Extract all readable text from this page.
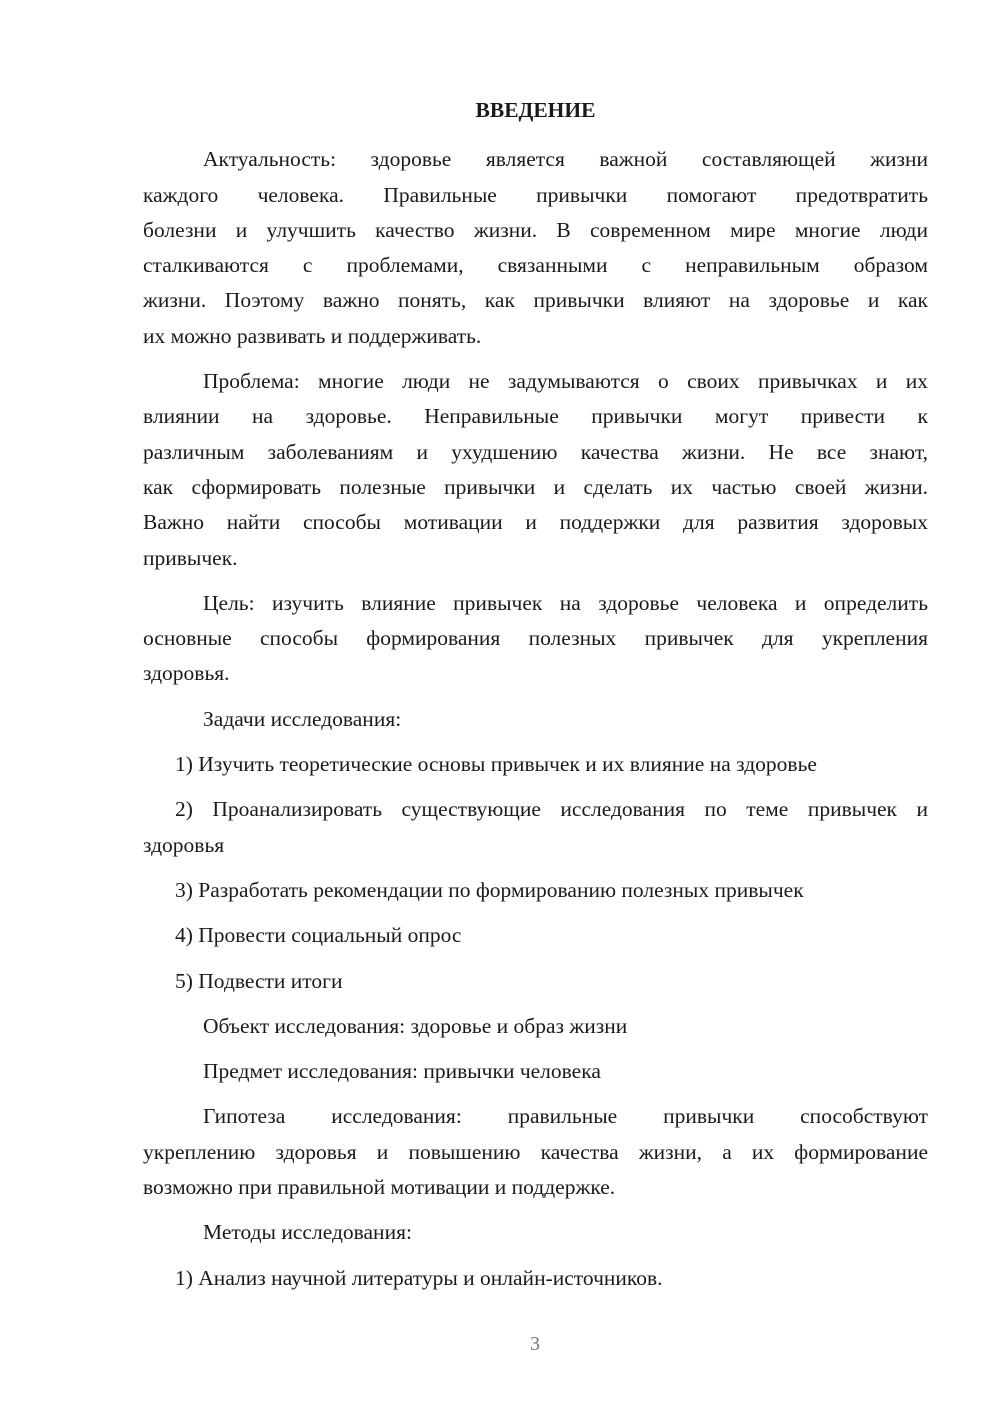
ВВЕДЕНИЕ
Актуальность: здоровье является важной составляющей жизни
каждого человека. Правильные привычки помогают предотвратить
болезни и улучшить качество жизни. В современном мире многие люди
сталкиваются с проблемами, связанными с неправильным образом
жизни. Поэтому важно понять, как привычки влияют на здоровье и как
их можно развивать и поддерживать.
Проблема: многие люди не задумываются о своих привычках и их
влиянии на здоровье. Неправильные привычки могут привести к
различным заболеваниям и ухудшению качества жизни. Не все знают,
как сформировать полезные привычки и сделать их частью своей жизни.
Важно найти способы мотивации и поддержки для развития здоровых
привычек.
Цель: изучить влияние привычек на здоровье человека и определить
основные способы формирования полезных привычек для укрепления
здоровья.
Задачи исследования:
1) Изучить теоретические основы привычек и их влияние на здоровье
2) Проанализировать существующие исследования по теме привычек и
здоровья
3) Разработать рекомендации по формированию полезных привычек
4) Провести социальный опрос
5) Подвести итоги
Объект исследования: здоровье и образ жизни
Предмет исследования: привычки человека
Гипотеза исследования: правильные привычки способствуют
укреплению здоровья и повышению качества жизни, а их формирование
возможно при правильной мотивации и поддержке.
Методы исследования:
1) Анализ научной литературы и онлайн-источников.
3
